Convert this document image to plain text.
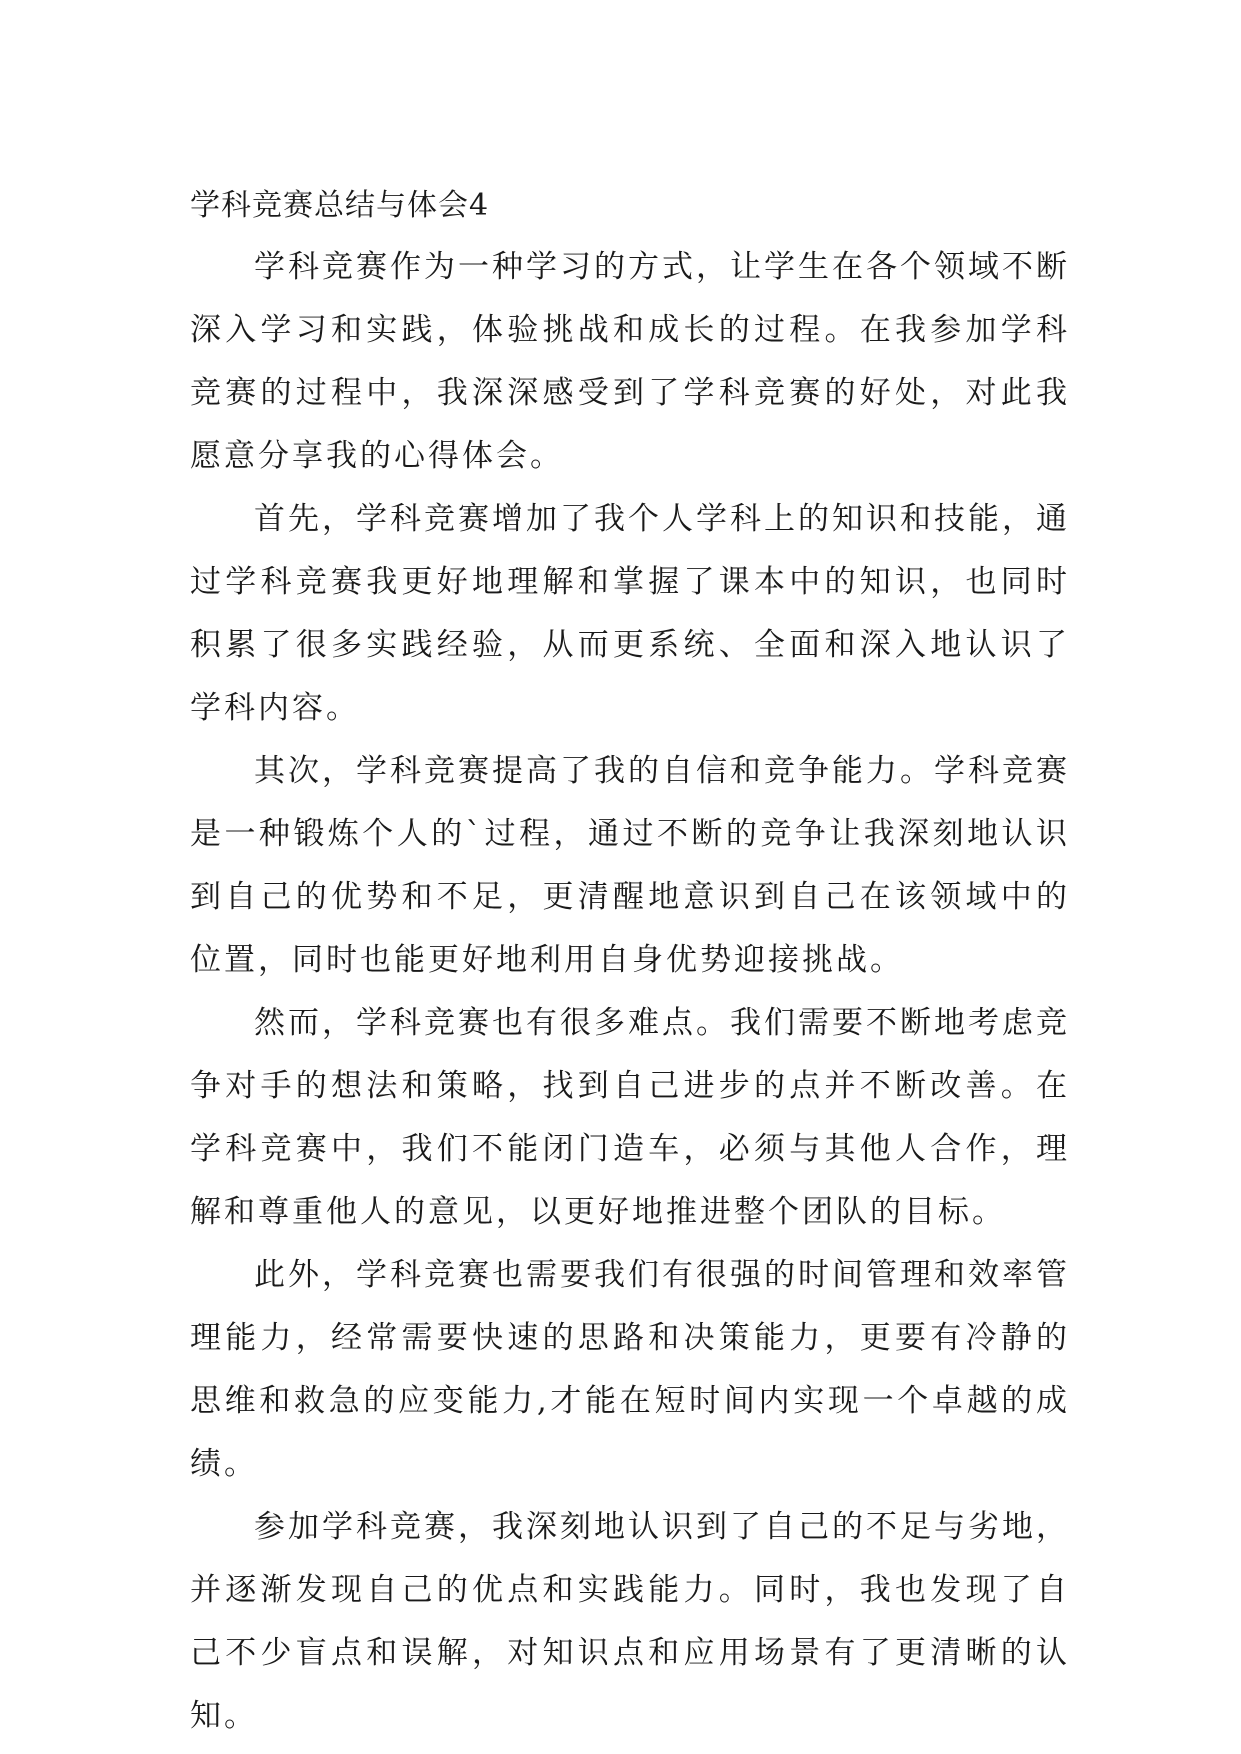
学科竞赛总结与体会4

学科竞赛作为一种学习的方式，让学生在各个领域不断深入学习和实践，体验挑战和成长的过程。在我参加学科竞赛的过程中，我深深感受到了学科竞赛的好处，对此我愿意分享我的心得体会。

首先，学科竞赛增加了我个人学科上的知识和技能，通过学科竞赛我更好地理解和掌握了课本中的知识，也同时积累了很多实践经验，从而更系统、全面和深入地认识了学科内容。

其次，学科竞赛提高了我的自信和竞争能力。学科竞赛是一种锻炼个人的`过程，通过不断的竞争让我深刻地认识到自己的优势和不足，更清醒地意识到自己在该领域中的位置，同时也能更好地利用自身优势迎接挑战。

然而，学科竞赛也有很多难点。我们需要不断地考虑竞争对手的想法和策略，找到自己进步的点并不断改善。在学科竞赛中，我们不能闭门造车，必须与其他人合作，理解和尊重他人的意见，以更好地推进整个团队的目标。

此外，学科竞赛也需要我们有很强的时间管理和效率管理能力，经常需要快速的思路和决策能力，更要有冷静的思维和救急的应变能力,才能在短时间内实现一个卓越的成绩。

参加学科竞赛，我深刻地认识到了自己的不足与劣地，并逐渐发现自己的优点和实践能力。同时，我也发现了自己不少盲点和误解，对知识点和应用场景有了更清晰的认知。
